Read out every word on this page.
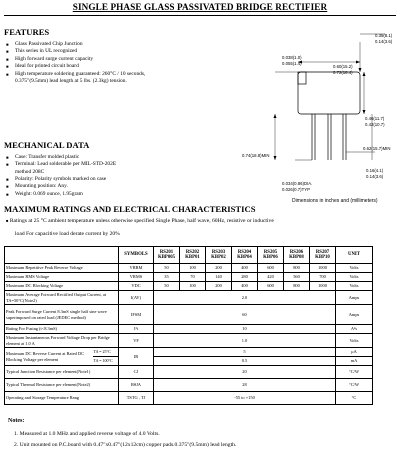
SINGLE PHASE GLASS PASSIVATED BRIDGE RECTIFIER
FEATURES
■ Glass Passivated Chip Junction
■ This series in UL recognized
■ High forward surge current capacity
■ Ideal for printed circuit board
■ High temperature soldering guaranteed: 260°C / 10 seconds,
0.375"(9.5mm) lead length at 5 lbs. (2.3kg) tension.
MECHANICAL DATA
■ Case: Transfer molded plastic
■ Terminal: Lead solderable per MIL-STD-202E
method 208C
■ Polarity: Polarity symbols marked on case
■ Mounting position: Any.
■ Weight: 0.069 ounce, 1.95gram
0.35(8.1)
0.14(3.6)
0.038(1.0)
0.055(1.4)
0.60(15.2)
0.72(18.4)
0.46(11.7)
0.42(10.7)
0.74(18.8)MIN
0.62(15.7)MIN
0.16(4.1)
0.14(3.6)
0.034(0.86)DIA.
0.026(0.7)TYP
Dimensions in inches and (millimeters)
MAXIMUM RATINGS AND ELECTRICAL CHARACTERISTICS
■ Ratings at 25 °C ambient temperature unless otherwise specified Single Phase, half wave, 60Hz, resistive or inductive
load For capacitive load derate current by 20%
		SYMBOLS	RS201
KBP005	RS202
KBP01	RS203
KBP02	RS204
KBP04	RS205
KBP06	RS206
KBP08	RS207
KBP10	UNIT
Maximum Repetitive Peak Reverse Voltage		VRRM	50	100	200	400	600	800	1000	Volts
Maximum RMS Voltage		VRMS	35	70	140	280	420	560	700	Volts
Maximum DC Blocking Voltage		VDC	50	100	200	400	600	800	1000	Volts
Maximum Average Forward Rectified Output Current, at TA=50°C(Note2)		I(AV)	2.0							Amps
Peak Forward Surge Current 8.3mS single half sine wave superimposed on rated load (JEDEC method)		IFSM	60							Amps
Rating For Fusing (t<8.3mS)		I²t	10							A²s
Maximum Instantaneous Forward Voltage Drop per Bridge element at 1.0 A		VF	1.0							Volts
Maximum DC Reverse Current at Rated DC Blocking Voltage per element	TA = 25°C	IR	5							μA
	TA = 100°C		0.5							mA
Typical Junction Resistance per element(Note1)		CJ	20							°C/W
Typical Thermal Resistance per element(Note2)		RθJA	28							°C/W
Operating and Storage Temperature Rang		TSTG , TJ	-55 to +150							°C
Notes:
1. Measured at 1.0 MHz and applied reverse voltage of 4.0 Volts.
2. Unit mounted on P.C.board with 0.47"x0.47"(12x12cm) copper pads.0.375"(9.5mm) lead length.
